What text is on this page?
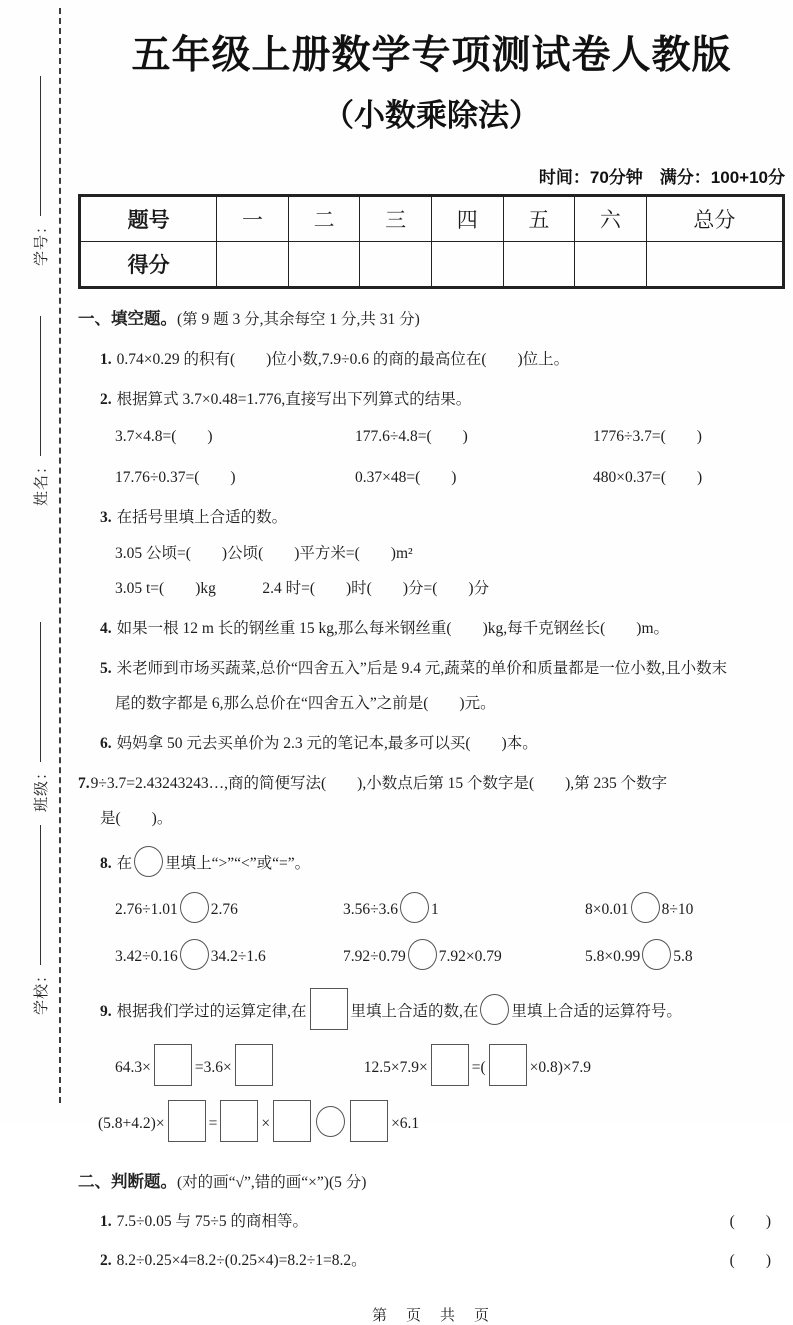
学号：
姓名：
班级：
学校：
五年级上册数学专项测试卷人教版
（小数乘除法）
时间：70分钟　满分：100+10分
题号	一	二	三	四	五	六	总分
得分							
一、填空题。(第 9 题 3 分,其余每空 1 分,共 31 分)
1. 0.74×0.29 的积有(　　)位小数,7.9÷0.6 的商的最高位在(　　)位上。
2. 根据算式 3.7×0.48=1.776,直接写出下列算式的结果。
3.7×4.8=(　　)	177.6÷4.8=(　　)	1776÷3.7=(　　)
17.76÷0.37=(　　)	0.37×48=(　　)	480×0.37=(　　)
3. 在括号里填上合适的数。
3.05 公顷=(　　)公顷(　　)平方米=(　　)m²
3.05 t=(　　)kg　　　2.4 时=(　　)时(　　)分=(　　)分
4. 如果一根 12 m 长的钢丝重 15 kg,那么每米钢丝重(　　)kg,每千克钢丝长(　　)m。
5. 米老师到市场买蔬菜,总价“四舍五入”后是 9.4 元,蔬菜的单价和质量都是一位小数,且小数末
尾的数字都是 6,那么总价在“四舍五入”之前是(　　)元。
6. 妈妈拿 50 元去买单价为 2.3 元的笔记本,最多可以买(　　)本。
7.9÷3.7=2.43243243…,商的简便写法(　　),小数点后第 15 个数字是(　　),第 235 个数字
是(　　)。
8. 在 里填上“>”“<”或“=”。
2.76÷1.01 2.76	3.56÷3.6 1	8×0.01 8÷10
3.42÷0.16 34.2÷1.6	7.92÷0.79 7.92×0.79	5.8×0.99 5.8
9. 根据我们学过的运算定律,在	里填上合适的数,在 里填上合适的运算符号。
64.3×	=3.6×	12.5×7.9×	=(	×0.8)×7.9
(5.8+4.2)×	=	×	×6.1
二、判断题。(对的画“√”,错的画“×”)(5 分)
1. 7.5÷0.05 与 75÷5 的商相等。	(　　)
2. 8.2÷0.25×4=8.2÷(0.25×4)=8.2÷1=8.2。	(　　)
第　页　共　页
